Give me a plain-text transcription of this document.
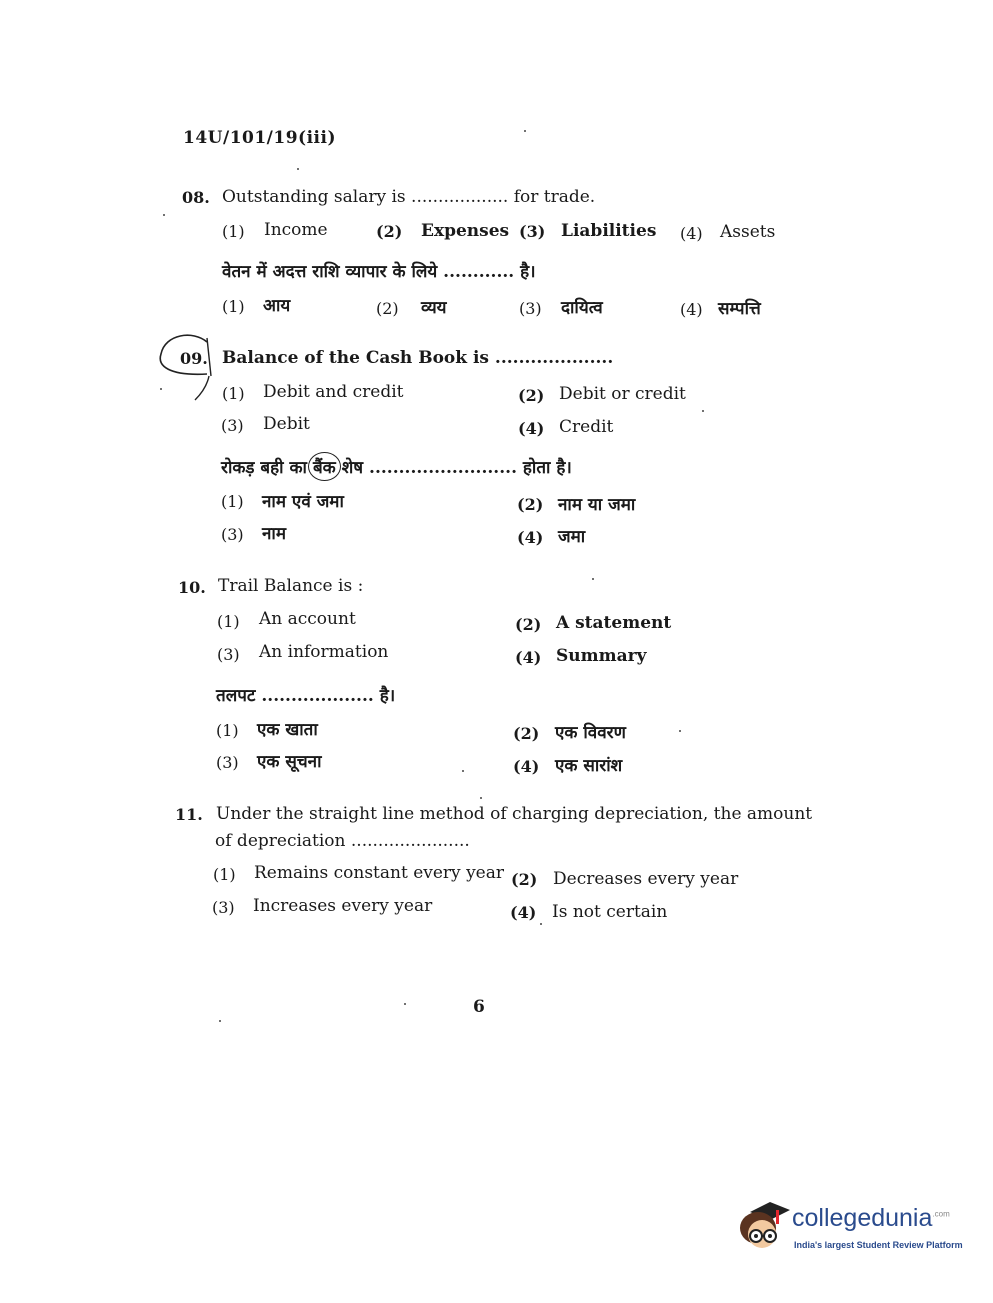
14U/101/19(iii)
08. Outstanding salary is .................. for trade.
(1) Income	(2) Expenses (3) Liabilities (4) Assets
वेतन में अदत्त राशि व्यापार के लिये ............ है।
(1) आय	(2) व्यय	(3) दायित्व	(4) सम्पत्ति
09. Balance of the Cash Book is ....................
(1) Debit and credit	(2) Debit or credit
(3) Debit	(4) Credit
रोकड़ बही का बैंक शेष ......................... होता है।
(1) नाम एवं जमा	(2) नाम या जमा
(3) नाम	(4) जमा
10. Trail Balance is :
(1) An account	(2) A statement
(3) An information	(4) Summary
तलपट ................... है।
(1) एक खाता	(2) एक विवरण
(3) एक सूचना	(4) एक सारांश
11. Under the straight line method of charging depreciation, the amount
of depreciation ......................
(1) Remains constant every year (2) Decreases every year
(3) Increases every year	(4) Is not certain
6
collegedunia$^{.com}$
India's largest Student Review Platform
